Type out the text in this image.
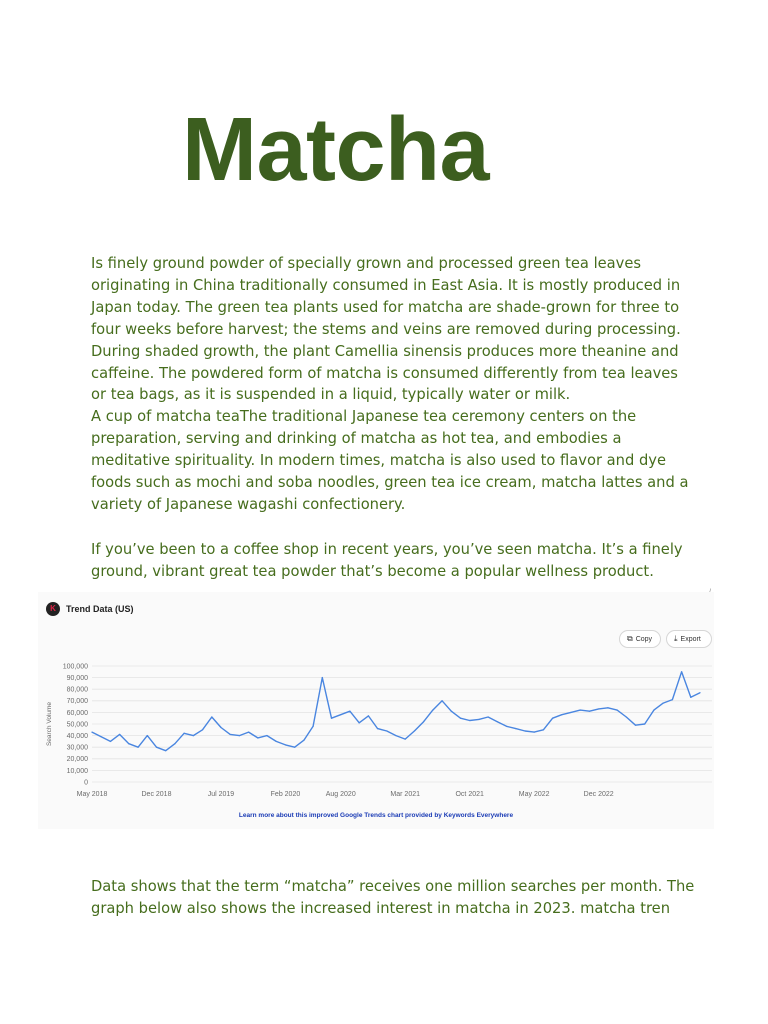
Matcha
Is finely ground powder of specially grown and processed green tea leaves
originating in China traditionally consumed in East Asia. It is mostly produced in
Japan today. The green tea plants used for matcha are shade-grown for three to
four weeks before harvest; the stems and veins are removed during processing.
During shaded growth, the plant Camellia sinensis produces more theanine and
caffeine. The powdered form of matcha is consumed differently from tea leaves
or tea bags, as it is suspended in a liquid, typically water or milk.
A cup of matcha teaThe traditional Japanese tea ceremony centers on the
preparation, serving and drinking of matcha as hot tea, and embodies a
meditative spirituality. In modern times, matcha is also used to flavor and dye
foods such as mochi and soba noodles, green tea ice cream, matcha lattes and a
variety of Japanese wagashi confectionery.
If you’ve been to a coffee shop in recent years, you’ve seen matcha. It’s a finely
ground, vibrant great tea powder that’s become a popular wellness product.
K Trend Data (US)
⧉ Copy	⤓ Export
0
10,000
20,000
30,000
40,000
50,000
60,000
70,000
80,000
90,000
100,000
Search Volume
May 2018	Dec 2018	Jul 2019	Feb 2020	Aug 2020	Mar 2021	Oct 2021	May 2022	Dec 2022
Learn more about this improved Google Trends chart provided by Keywords Everywhere
Data shows that the term “matcha” receives one million searches per month. The
graph below also shows the increased interest in matcha in 2023. matcha tren
